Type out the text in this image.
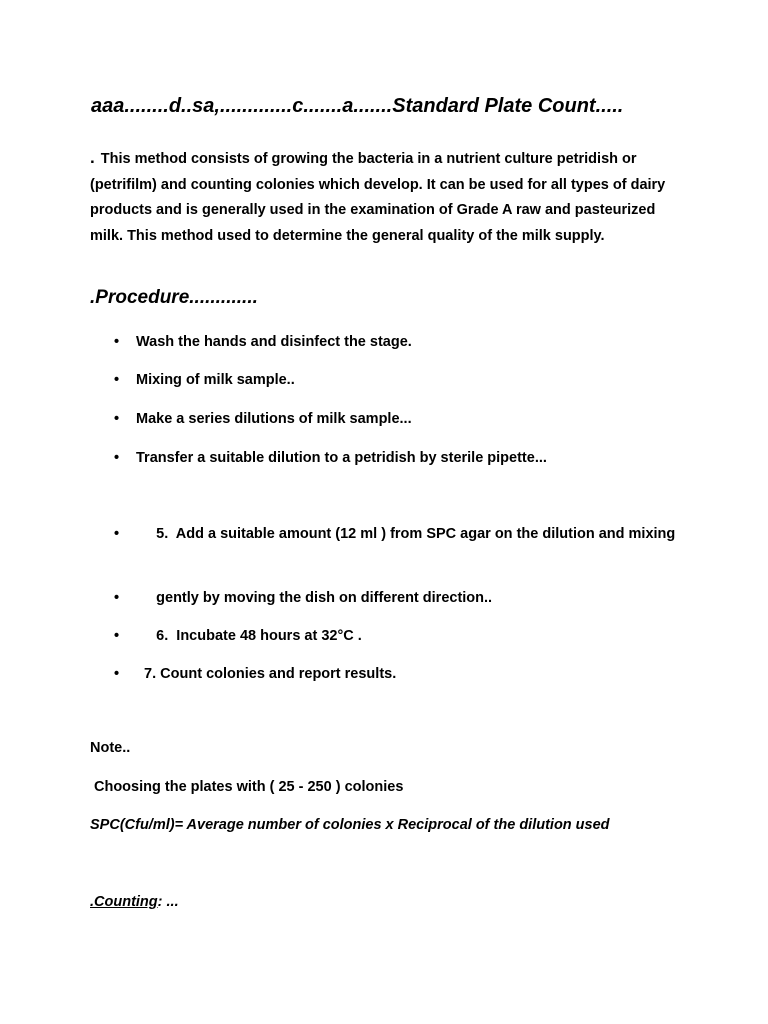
aaa........d..sa,.............c.......a.......Standard Plate Count.....

. This method consists of growing the bacteria in a nutrient culture petridish or (petrifilm) and counting colonies which develop. It can be used for all types of dairy products and is generally used in the examination of Grade A raw and pasteurized milk. This method used to determine the general quality of the milk supply.

.Procedure.............

•	Wash the hands and disinfect the stage.
•	Mixing of milk sample..
•	Make a series dilutions of milk sample...
•	Transfer a suitable dilution to a petridish by sterile pipette...
•	5.  Add a suitable amount (12 ml ) from SPC agar on the dilution and mixing
•	gently by moving the dish on different direction..
•	6.  Incubate 48 hours at 32°C .
•	7. Count colonies and report results.

Note..

Choosing the plates with ( 25 - 250 ) colonies

SPC(Cfu/ml)= Average number of colonies x Reciprocal of the dilution used

.Counting: ...
